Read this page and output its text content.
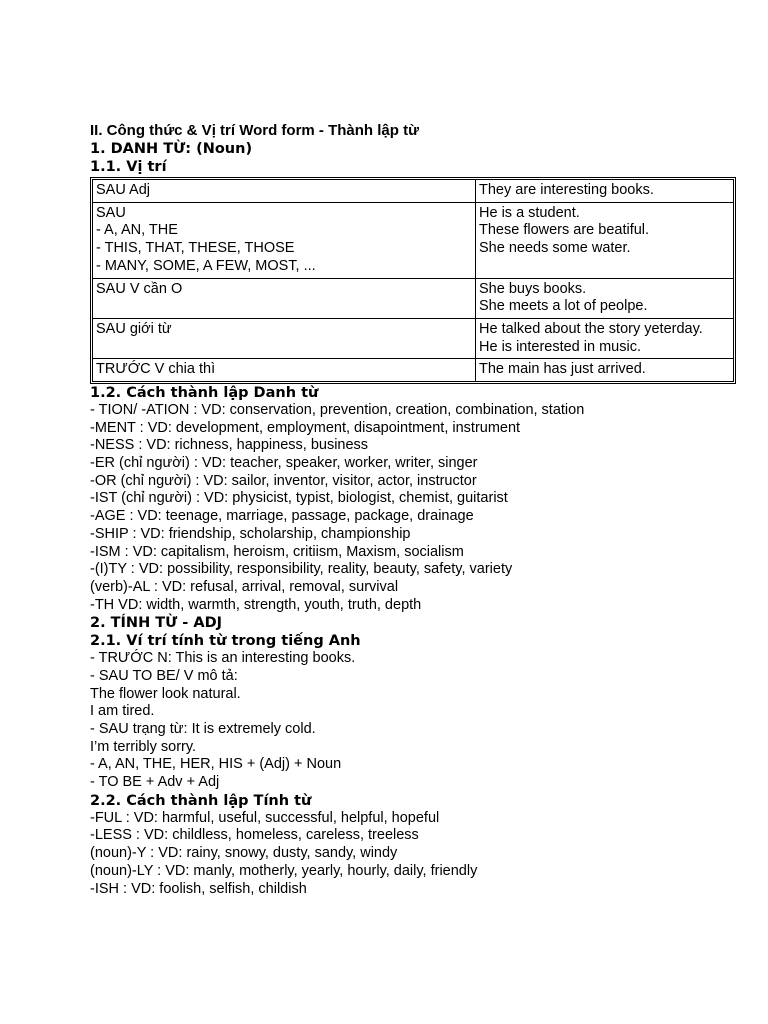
II. Công thức & Vị trí Word form - Thành lập từ
1. DANH TỪ: (Noun)
1.1. Vị trí
SAU Adj	They are interesting books.

SAU
- A, AN, THE
- THIS, THAT, THESE, THOSE
- MANY, SOME, A FEW, MOST, ...	He is a student.
These flowers are beatiful.
She needs some water.

SAU V cần O	She buys books.
She meets a lot of peolpe.

SAU giới từ	He talked about the story yeterday.
He is interested in music.

TRƯỚC V chia thì	The main has just arrived.
1.2. Cách thành lập Danh từ
- TION/ -ATION : VD: conservation, prevention, creation, combination, station
-MENT : VD: development, employment, disapointment, instrument
-NESS : VD: richness, happiness, business
-ER (chỉ người) : VD: teacher, speaker, worker, writer, singer
-OR (chỉ người) : VD: sailor, inventor, visitor, actor, instructor
-IST (chỉ người) : VD: physicist, typist, biologist, chemist, guitarist
-AGE : VD: teenage, marriage, passage, package, drainage
-SHIP : VD: friendship, scholarship, championship
-ISM : VD: capitalism, heroism, critiism, Maxism, socialism
-(I)TY : VD: possibility, responsibility, reality, beauty, safety, variety
(verb)-AL : VD: refusal, arrival, removal, survival
-TH VD: width, warmth, strength, youth, truth, depth
2. TÍNH TỪ - ADJ
2.1. Ví trí tính từ trong tiếng Anh
- TRƯỚC N: This is an interesting books.
- SAU TO BE/ V mô tả:
The flower look natural.
I am tired.
- SAU trạng từ: It is extremely cold.
I’m terribly sorry.
- A, AN, THE, HER, HIS + (Adj) + Noun
- TO BE + Adv + Adj
2.2. Cách thành lập Tính từ
-FUL : VD: harmful, useful, successful, helpful, hopeful
-LESS : VD: childless, homeless, careless, treeless
(noun)-Y : VD: rainy, snowy, dusty, sandy, windy
(noun)-LY : VD: manly, motherly, yearly, hourly, daily, friendly
-ISH : VD: foolish, selfish, childish
